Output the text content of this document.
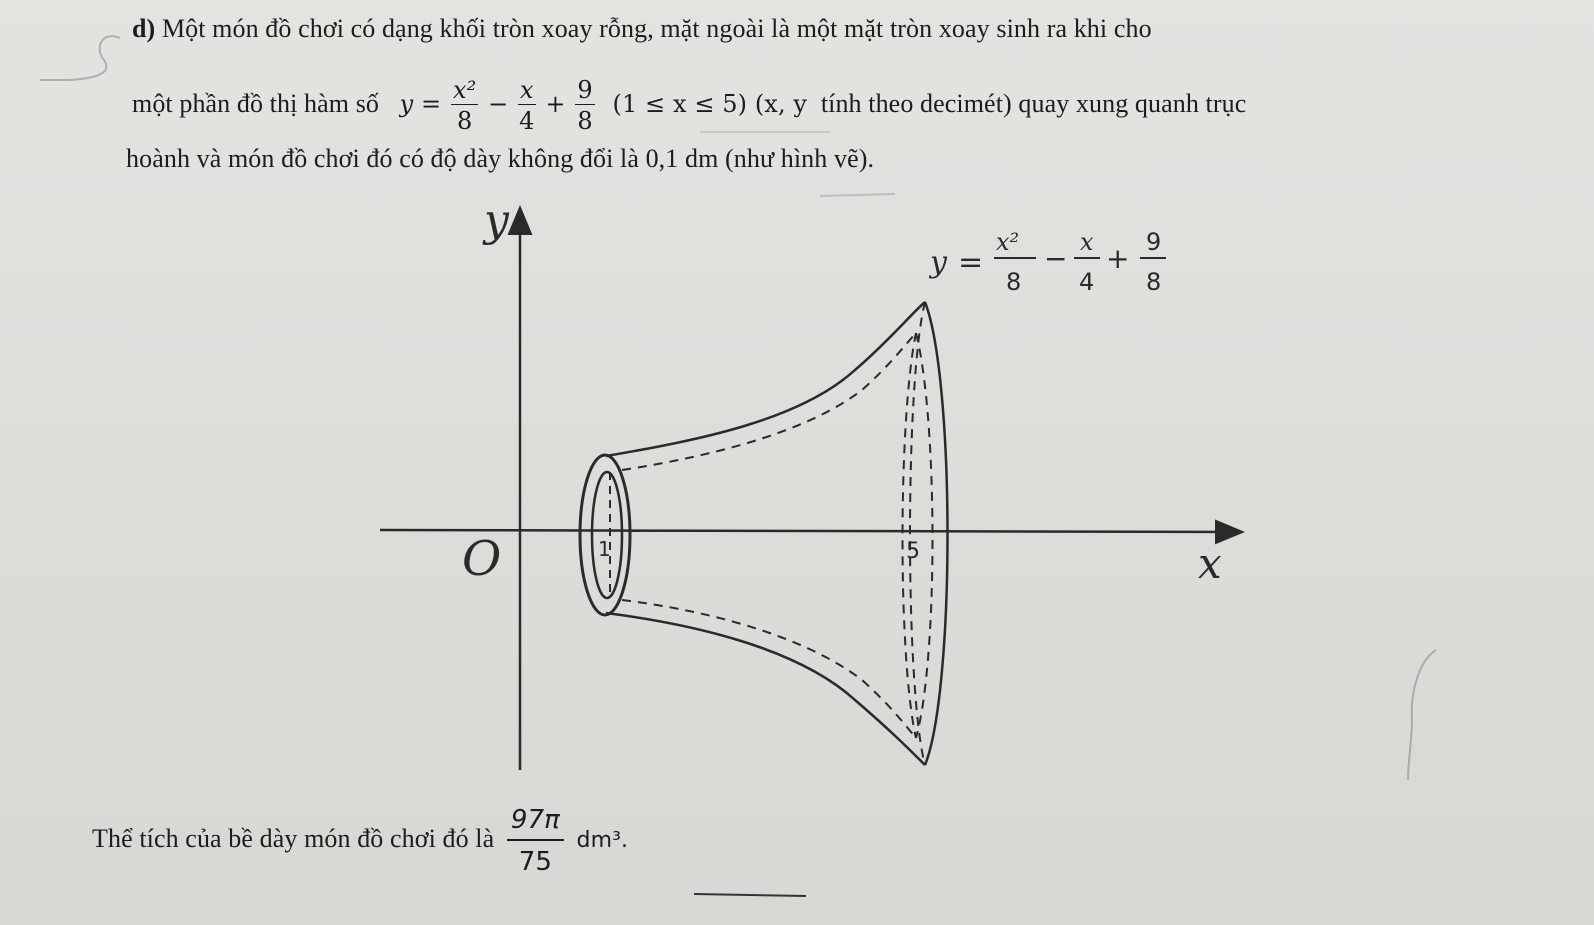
d) Một món đồ chơi có dạng khối tròn xoay rỗng, mặt ngoài là một mặt tròn xoay sinh ra khi cho
một phần đồ thị hàm số $y = \frac{\text{x²}}{8} - \frac{x}{4} + \frac{9}{8} (1 \le x \le 5)$ (x, y tính theo decimét) quay xung quanh trục
hoành và món đồ chơi đó có độ dày không đổi là 0,1 dm (như hình vẽ).
y
x
O	1	5
y =
x²
8
− x
4
+ 9
8
Thể tích của bề dày món đồ chơi đó là $\frac{97\pi}{75} dm^3$.
